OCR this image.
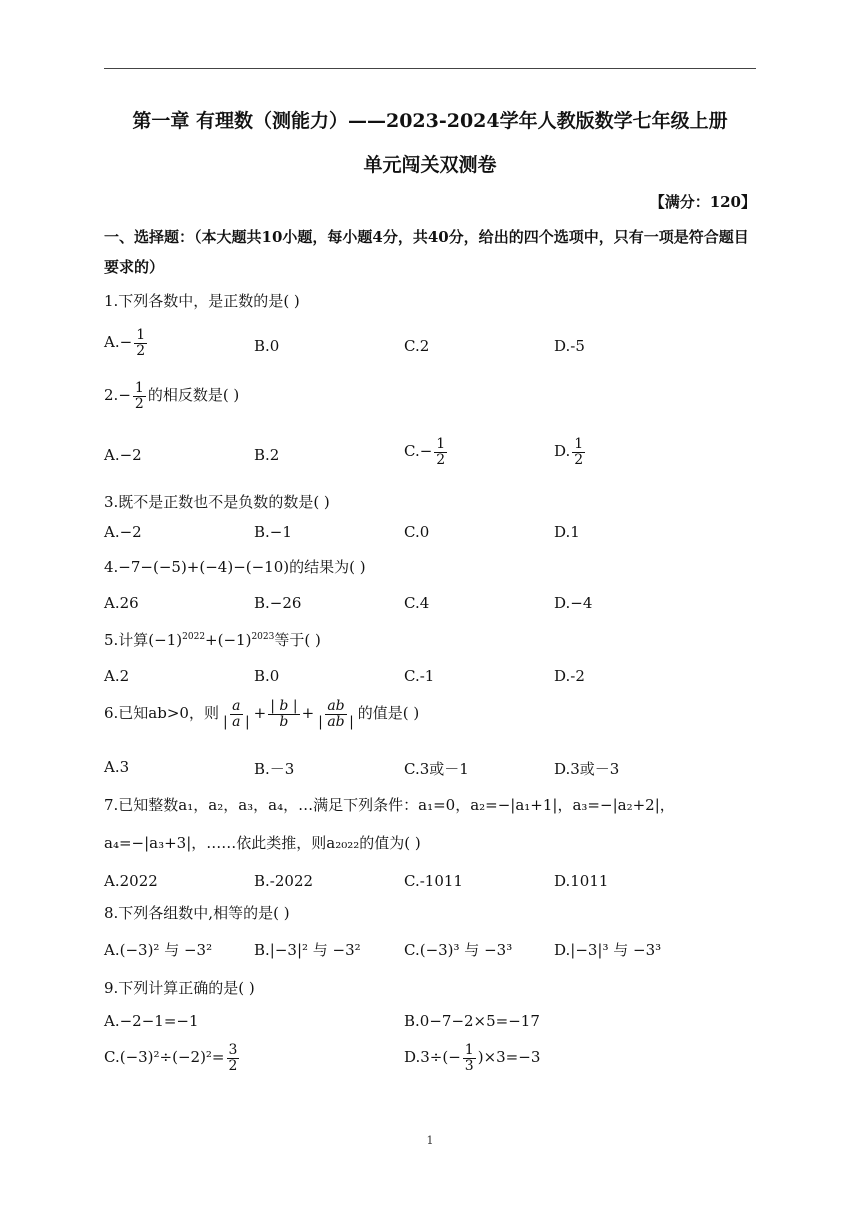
第一章 有理数（测能力）——2023-2024学年人教版数学七年级上册
单元闯关双测卷
【满分：120】
一、选择题：（本大题共10小题，每小题4分，共40分，给出的四个选项中，只有一项是符合题目要求的）
1.下列各数中，是正数的是( )
$A.- \frac{1}{2}$	B.0	C.2	D.-5
$2.- \frac{1}{2}$ 的相反数是( )
A.−2	B.2	$C.- \frac{1}{2}$	D. $\frac{1}{2}$
3.既不是正数也不是负数的数是( )
A.−2	B.−1	C.0	D.1
4.−7−(−5)+(−4)−(−10)的结果为( )
A.26	B.−26	C.4	D.−4
5.计算$(-1)^{2022}+(-1)^{2023}$等于( )
A.2	B.0	C.-1	D.-2
6.已知ab>0，则 $\frac{a}{| a |} + \frac{| b |}{b} + \frac{ab}{| ab |}$ 的值是( )
A.3	B.－3	C.3或－1	D.3或－3
7.已知整数a₁，a₂，a₃，a₄，…满足下列条件：a₁=0，a₂=−|a₁+1|，a₃=−|a₂+2|，
a₄=−|a₃+3|，……依此类推，则a₂₀₂₂的值为( )
A.2022	B.-2022	C.-1011	D.1011
8.下列各组数中,相等的是( )
A.(−3)² 与 −3²	B.|−3|² 与 −3²	C.(−3)³ 与 −3³	D.|−3|³ 与 −3³
9.下列计算正确的是( )
A.−2−1=−1	B.0−7−2×5=−17
$C.(-3)^2\div(-2)^2= \frac{3}{2}$	$D.3\div(- \frac{1}{3} )\times 3=-3$
1
